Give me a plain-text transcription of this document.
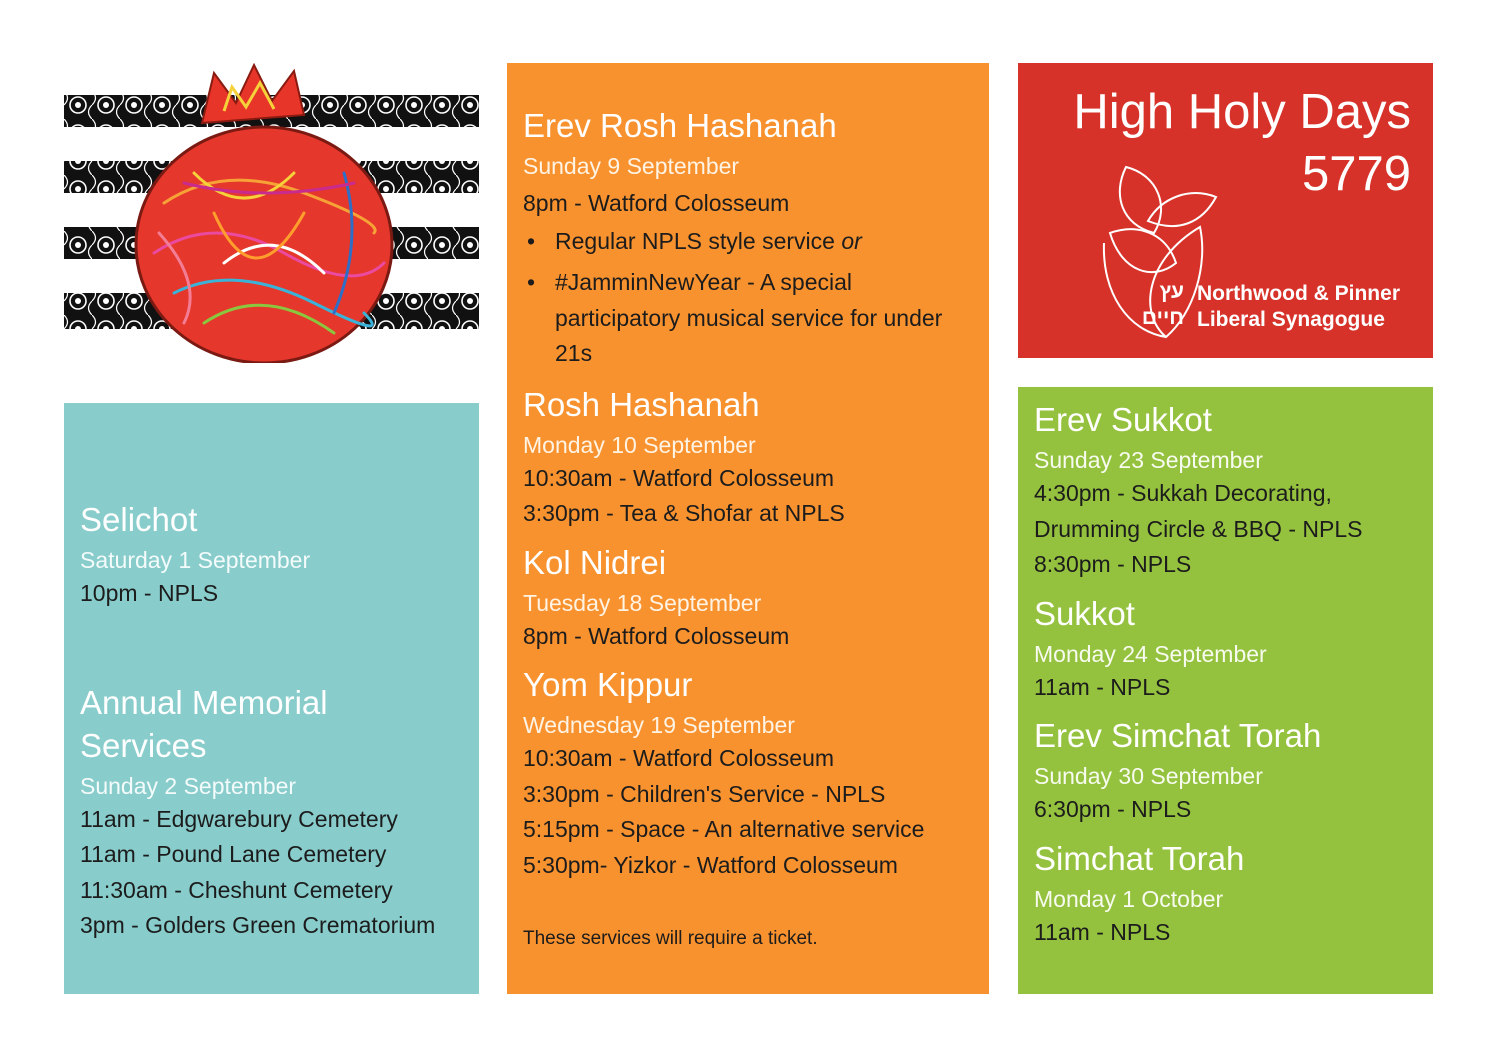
Selichot
Saturday 1 September
10pm - NPLS
Annual Memorial
Services
Sunday 2 September
11am - Edgwarebury Cemetery
11am - Pound Lane Cemetery
11:30am - Cheshunt Cemetery
3pm - Golders Green Crematorium
Erev Rosh Hashanah
Sunday 9 September
8pm - Watford Colosseum
• Regular NPLS style service or
• #JamminNewYear - A special participatory musical service for under 21s
Rosh Hashanah
Monday 10 September
10:30am - Watford Colosseum
3:30pm - Tea & Shofar at NPLS
Kol Nidrei
Tuesday 18 September
8pm - Watford Colosseum
Yom Kippur
Wednesday 19 September
10:30am - Watford Colosseum
3:30pm - Children's Service - NPLS
5:15pm - Space - An alternative service
5:30pm- Yizkor - Watford Colosseum
These services will require a ticket.
High Holy Days
5779
עץ
חיים
Northwood & Pinner
Liberal Synagogue
Erev Sukkot
Sunday 23 September
4:30pm - Sukkah Decorating,
Drumming Circle & BBQ - NPLS
8:30pm - NPLS
Sukkot
Monday 24 September
11am - NPLS
Erev Simchat Torah
Sunday 30 September
6:30pm - NPLS
Simchat Torah
Monday 1 October
11am - NPLS
